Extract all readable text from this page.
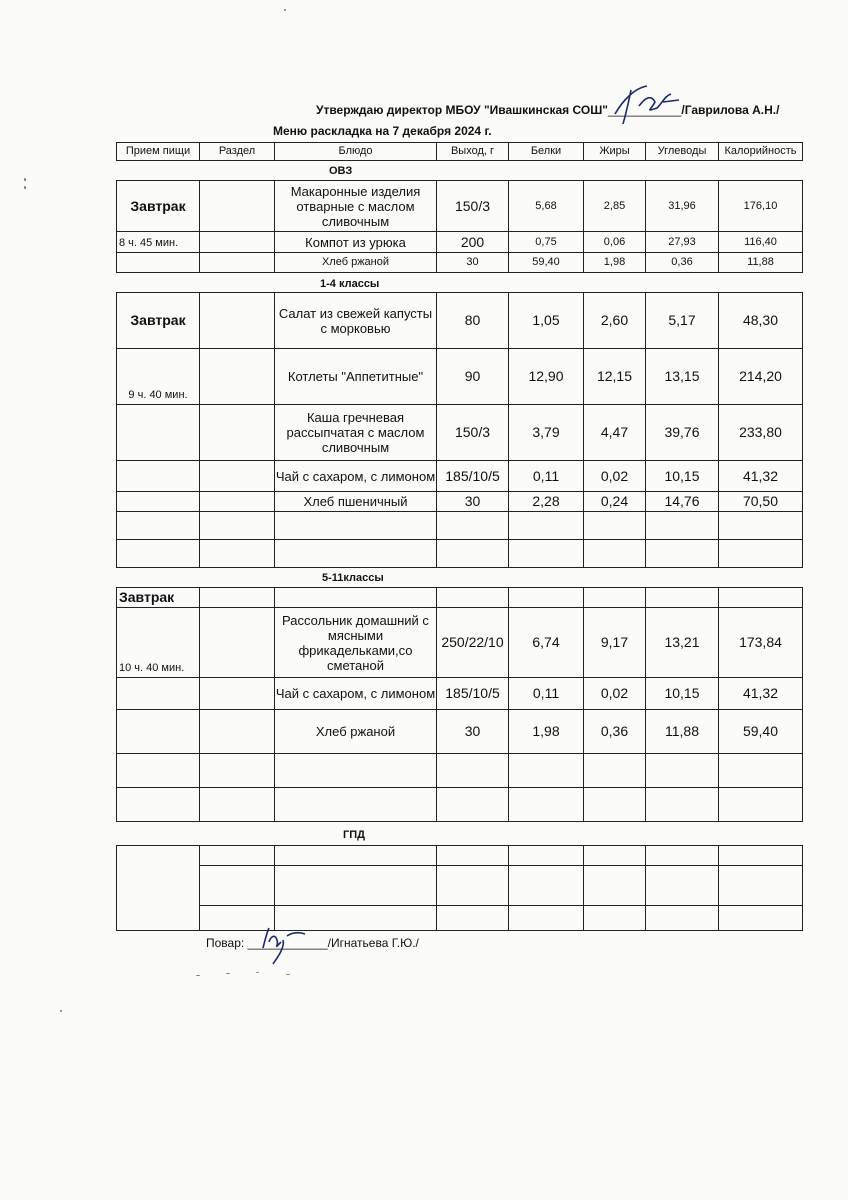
Утверждаю директор МБОУ "Ивашкинская СОШ"___________/Гаврилова А.Н./
Меню раскладка на 7 декабря 2024 г.
Прием пищи	Раздел	Блюдо	Выход, г	Белки	Жиры	Углеводы	Калорийность
ОВЗ
Завтрак		Макаронные изделия отварные с маслом сливочным	150/3	5,68	2,85	31,96	176,10
8 ч. 45 мин.		Компот из урюка	200	0,75	0,06	27,93	116,40
		Хлеб ржаной	30	59,40	1,98	0,36	11,88
1-4 классы
Завтрак		Салат из свежей капусты с морковью	80	1,05	2,60	5,17	48,30
9 ч. 40 мин.		Котлеты "Аппетитные"	90	12,90	12,15	13,15	214,20
		Каша гречневая рассыпчатая с маслом сливочным	150/3	3,79	4,47	39,76	233,80
		Чай с сахаром, с лимоном	185/10/5	0,11	0,02	10,15	41,32
		Хлеб пшеничный	30	2,28	0,24	14,76	70,50

5-11классы
Завтрак							
10 ч. 40 мин.		Рассольник домашний с мясными фрикадельками,со сметаной	250/22/10	6,74	9,17	13,21	173,84
		Чай с сахаром, с лимоном	185/10/5	0,11	0,02	10,15	41,32
		Хлеб ржаной	30	1,98	0,36	11,88	59,40

ГПД

Повар: ____________/Игнатьева Г.Ю./
